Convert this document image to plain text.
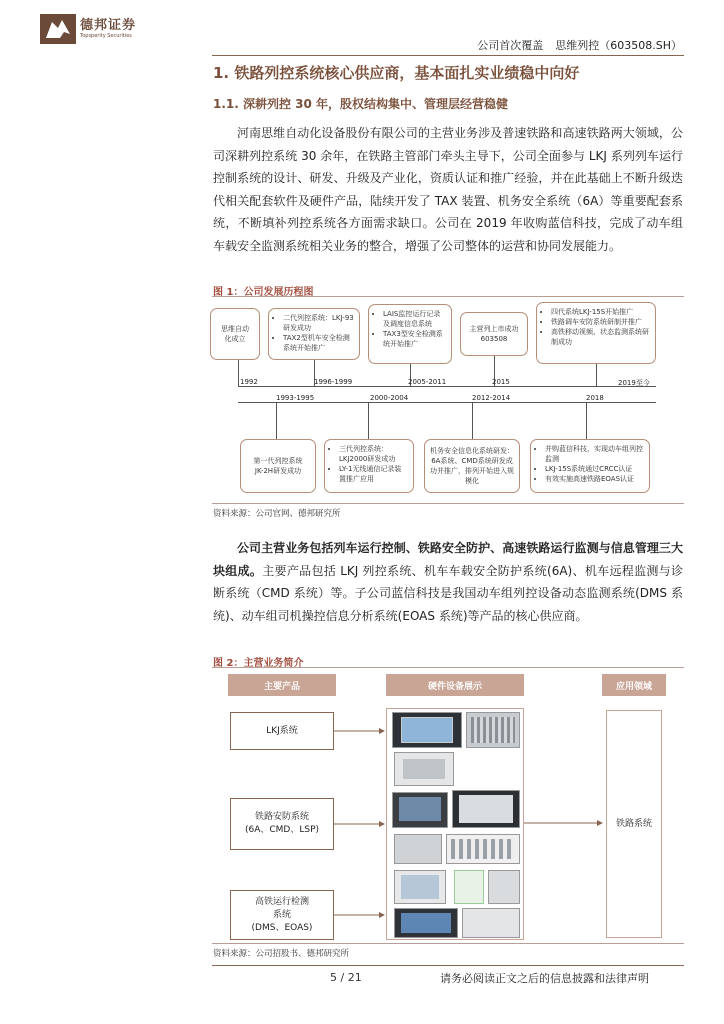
德邦证券
Topsperity Securities
公司首次覆盖 思维列控（603508.SH）
1. 铁路列控系统核心供应商，基本面扎实业绩稳中向好
1.1. 深耕列控 30 年，股权结构集中、管理层经营稳健

河南思维自动化设备股份有限公司的主营业务涉及普速铁路和高速铁路两大领域，公司深耕列控系统 30 余年，在铁路主管部门牵头主导下，公司全面参与 LKJ 系列列车运行控制系统的设计、研发、升级及产业化，资质认证和推广经验，并在此基础上不断升级迭代相关配套软件及硬件产品，陆续开发了 TAX 装置、机务安全系统（6A）等重要配套系统，不断填补列控系统各方面需求缺口。公司在 2019 年收购蓝信科技，完成了动车组车载安全监测系统相关业务的整合，增强了公司整体的运营和协同发展能力。

图 1：公司发展历程图
思维自动
化成立
• 二代列控系统：LKJ-93研发成功
• TAX2型机车安全检测系统开始推广
• LAIS监控运行记录及调度信息系统
• TAX3型安全检测系统开始推广
主营列上市成功
603508
• 四代系统LKJ-15S开始推广
• 铁路调车安防系统研制并推广
• 高铁移动视频、状态监测系统研制成功
1992	1996-1999	2005-2011	2015	2019至今
1993-1995	2000-2004	2012-2014	2018
第一代列控系统
JK-2H研发成功
• 三代列控系统：LKJ2000研发成功
• LY-1无线通信记录装置推广应用
机务安全信息化系统研发：6A系统、CMD系统研发成功并推广，排列开始进入规模化
• 并购蓝信科技，实现动车组列控监测
• LKJ-15S系统通过CRCC认证
• 有效实施高速铁路EOAS认证
资料来源：公司官网、德邦研究所

公司主营业务包括列车运行控制、铁路安全防护、高速铁路运行监测与信息管理三大块组成。主要产品包括 LKJ 列控系统、机车车载安全防护系统(6A)、机车远程监测与诊断系统（CMD 系统）等。子公司蓝信科技是我国动车组列控设备动态监测系统(DMS 系统)、动车组司机操控信息分析系统(EOAS 系统)等产品的核心供应商。

图 2：主营业务简介
主要产品	硬件设备展示	应用领域
铁路系统
LKJ系统
铁路安防系统
(6A、CMD、LSP)
高铁运行检测
系统
(DMS、EOAS)
资料来源：公司招股书、德邦研究所
5 / 21	请务必阅读正文之后的信息披露和法律声明
